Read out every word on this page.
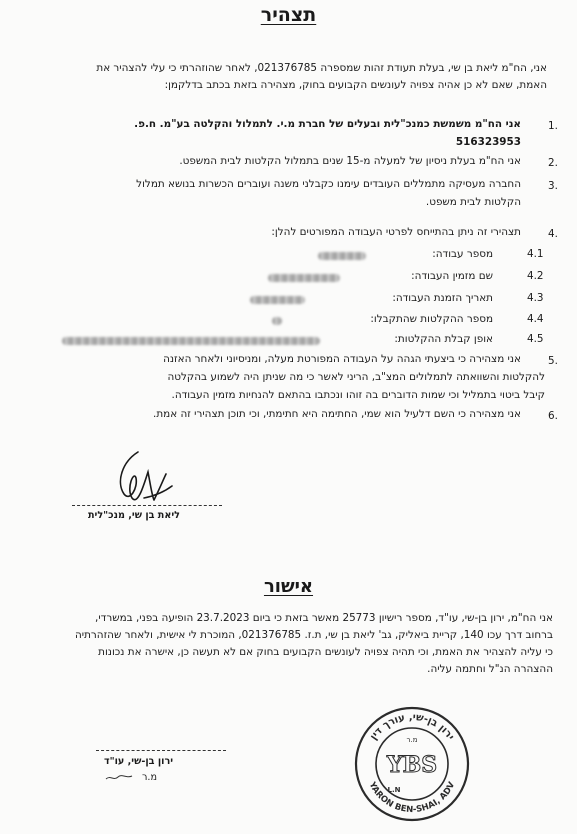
תצהיר
אני, הח"מ ליאת בן שי, בעלת תעודת זהות שמספרה 021376785, לאחר שהוזהרתי כי עלי להצהיר את
האמת, שאם לא כן אהיה צפויה לעונשים הקבועים בחוק, מצהירה בזאת בכתב בדלקמן:
1.
אני הח"מ משמשת כמנכ"לית ובעלים של חברת מ.י. לתמלול והקלטה בע"מ. ח.פ.
516323953
2.
אני הח"מ בעלת ניסיון של למעלה מ-15 שנים בתמלול הקלטות לבית המשפט.
3.
החברה מעסיקה מתמללים העובדים עימנו כקבלני משנה ועוברים הכשרות בנושא תמלול
הקלטות לבית משפט.
4.
תצהירי זה ניתן בהתייחס לפרטי העבודה המפורטים להלן:
4.1
מספר עבודה:
4.2
שם מזמין העבודה:
4.3
תאריך הזמנת העבודה:
4.4
מספר ההקלטות שהתקבלו:
4.5
אופן קבלת ההקלטות:
5.
אני מצהירה כי ביצעתי הגהה על העבודה המפורטת מעלה, ומניסיוני ולאחר האזנה
להקלטות והשוואתה לתמלולים המצ"ב, הריני לאשר כי מה שניתן היה לשמוע בהקלטה
קיבל ביטוי בתמליל וכי שמות הדוברים בה זוהו ונכתבו בהתאם להנחיות מזמין העבודה.
6.
אני מצהירה כי השם דלעיל הוא שמי, החתימה היא חתימתי, וכי תוכן תצהירי זה אמת.
ליאת בן שי, מנכ"לית
אישור
אני הח"מ, ירון בן-שי, עו"ד, מספר רישיון 25773 מאשר בזאת כי ביום 23.7.2023 הופיעה בפני, במשרדי,
ברחוב דרך עכו 140, קריית ביאליק, גב' ליאת בן שי, ת.ז. 021376785, המוכרת לי אישית, ולאחר שהזהרתיה
כי עליה להצהיר את האמת, וכי תהיה צפויה לעונשים הקבועים בחוק אם לא תעשה כן, אישרה את נכונות
ההצהרה הנ"ל וחתמה עליה.
ירון בן-שי, עו"ד
מ.ר
ירון בן-שי, עורך דין
YARON BEN-SHAI, ADV
מ.ר
YBS
L.N
